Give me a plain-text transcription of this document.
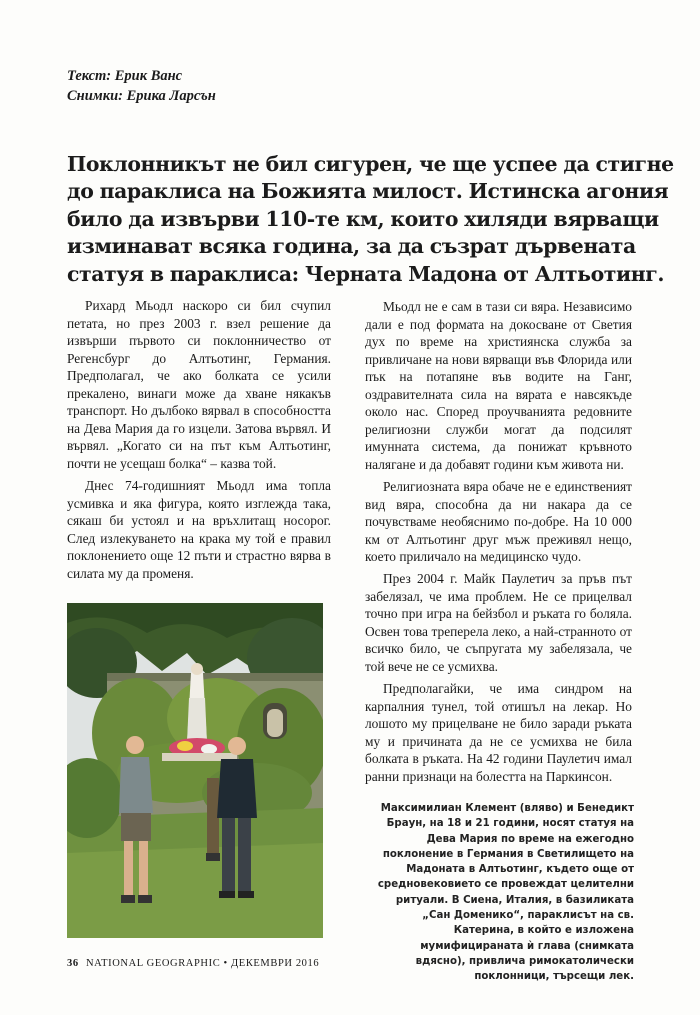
Текст: Ерик Ванс
Снимки: Ерика Ларсън
Поклонникът не бил сигурен, че ще успее да стигне
до параклиса на Божията милост. Истинска агония
било да извърви 110-те км, които хиляди вярващи
изминават всяка година, за да съзрат дървената
статуя в параклиса: Черната Мадона от Алтьотинг.

Рихард Мьодл наскоро си бил счупил петата, но през 2003 г. взел решение да извърши първото си поклонничество от Регенсбург до Алтьотинг, Германия. Предполагал, че ако болката се усили прекалено, винаги може да хване някакъв транспорт. Но дълбоко вярвал в способността на Дева Мария да го изцели. Затова вървял. И вървял. „Когато си на път към Алтьотинг, почти не усещаш болка“ – казва той.

Днес 74-годишният Мьодл има топла усмивка и яка фигура, която изглежда така, сякаш би устоял и на връхлитащ носорог. След излекуването на крака му той е правил поклонението още 12 пъти и страстно вярва в силата му да променя.

Мьодл не е сам в тази си вяра. Независимо дали е под формата на докосване от Светия дух по време на християнска служба за привличане на нови вярващи във Флорида или пък на потапяне във водите на Ганг, оздравителната сила на вярата е навсякъде около нас. Според проучванията редовните религиозни служби могат да подсилят имунната система, да понижат кръвното налягане и да добавят години към живота ни.

Религиозната вяра обаче не е единственият вид вяра, способна да ни накара да се почувстваме необяснимо по-добре. На 10 000 км от Алтьотинг друг мъж преживял нещо, което приличало на медицинско чудо.

През 2004 г. Майк Паулетич за пръв път забелязал, че има проблем. Не се прицелвал точно при игра на бейзбол и ръката го боляла. Освен това треперела леко, а най-странното от всичко било, че съпругата му забелязала, че той вече не се усмихва.

Предполагайки, че има синдром на карпалния тунел, той отишъл на лекар. Но лошото му прицелване не било заради ръката му и причината да не се усмихва не била болката в ръката. На 42 години Паулетич имал ранни признаци на болестта на Паркинсон.

Максимилиан Клемент (вляво) и Бенедикт Браун, на 18 и 21 години, носят статуя на Дева Мария по време на ежегодно поклонение в Германия в Светилището на Мадоната в Алтьотинг, където още от средновековието се провеждат целителни ритуали. В Сиена, Италия, в базиликата „Сан Доменико“, параклисът на св. Катерина, в който е изложена мумифицираната ѝ глава (снимката вдясно), привлича римокатолически поклонници, търсещи лек.
36 NATIONAL GEOGRAPHIC • ДЕКЕМВРИ 2016
